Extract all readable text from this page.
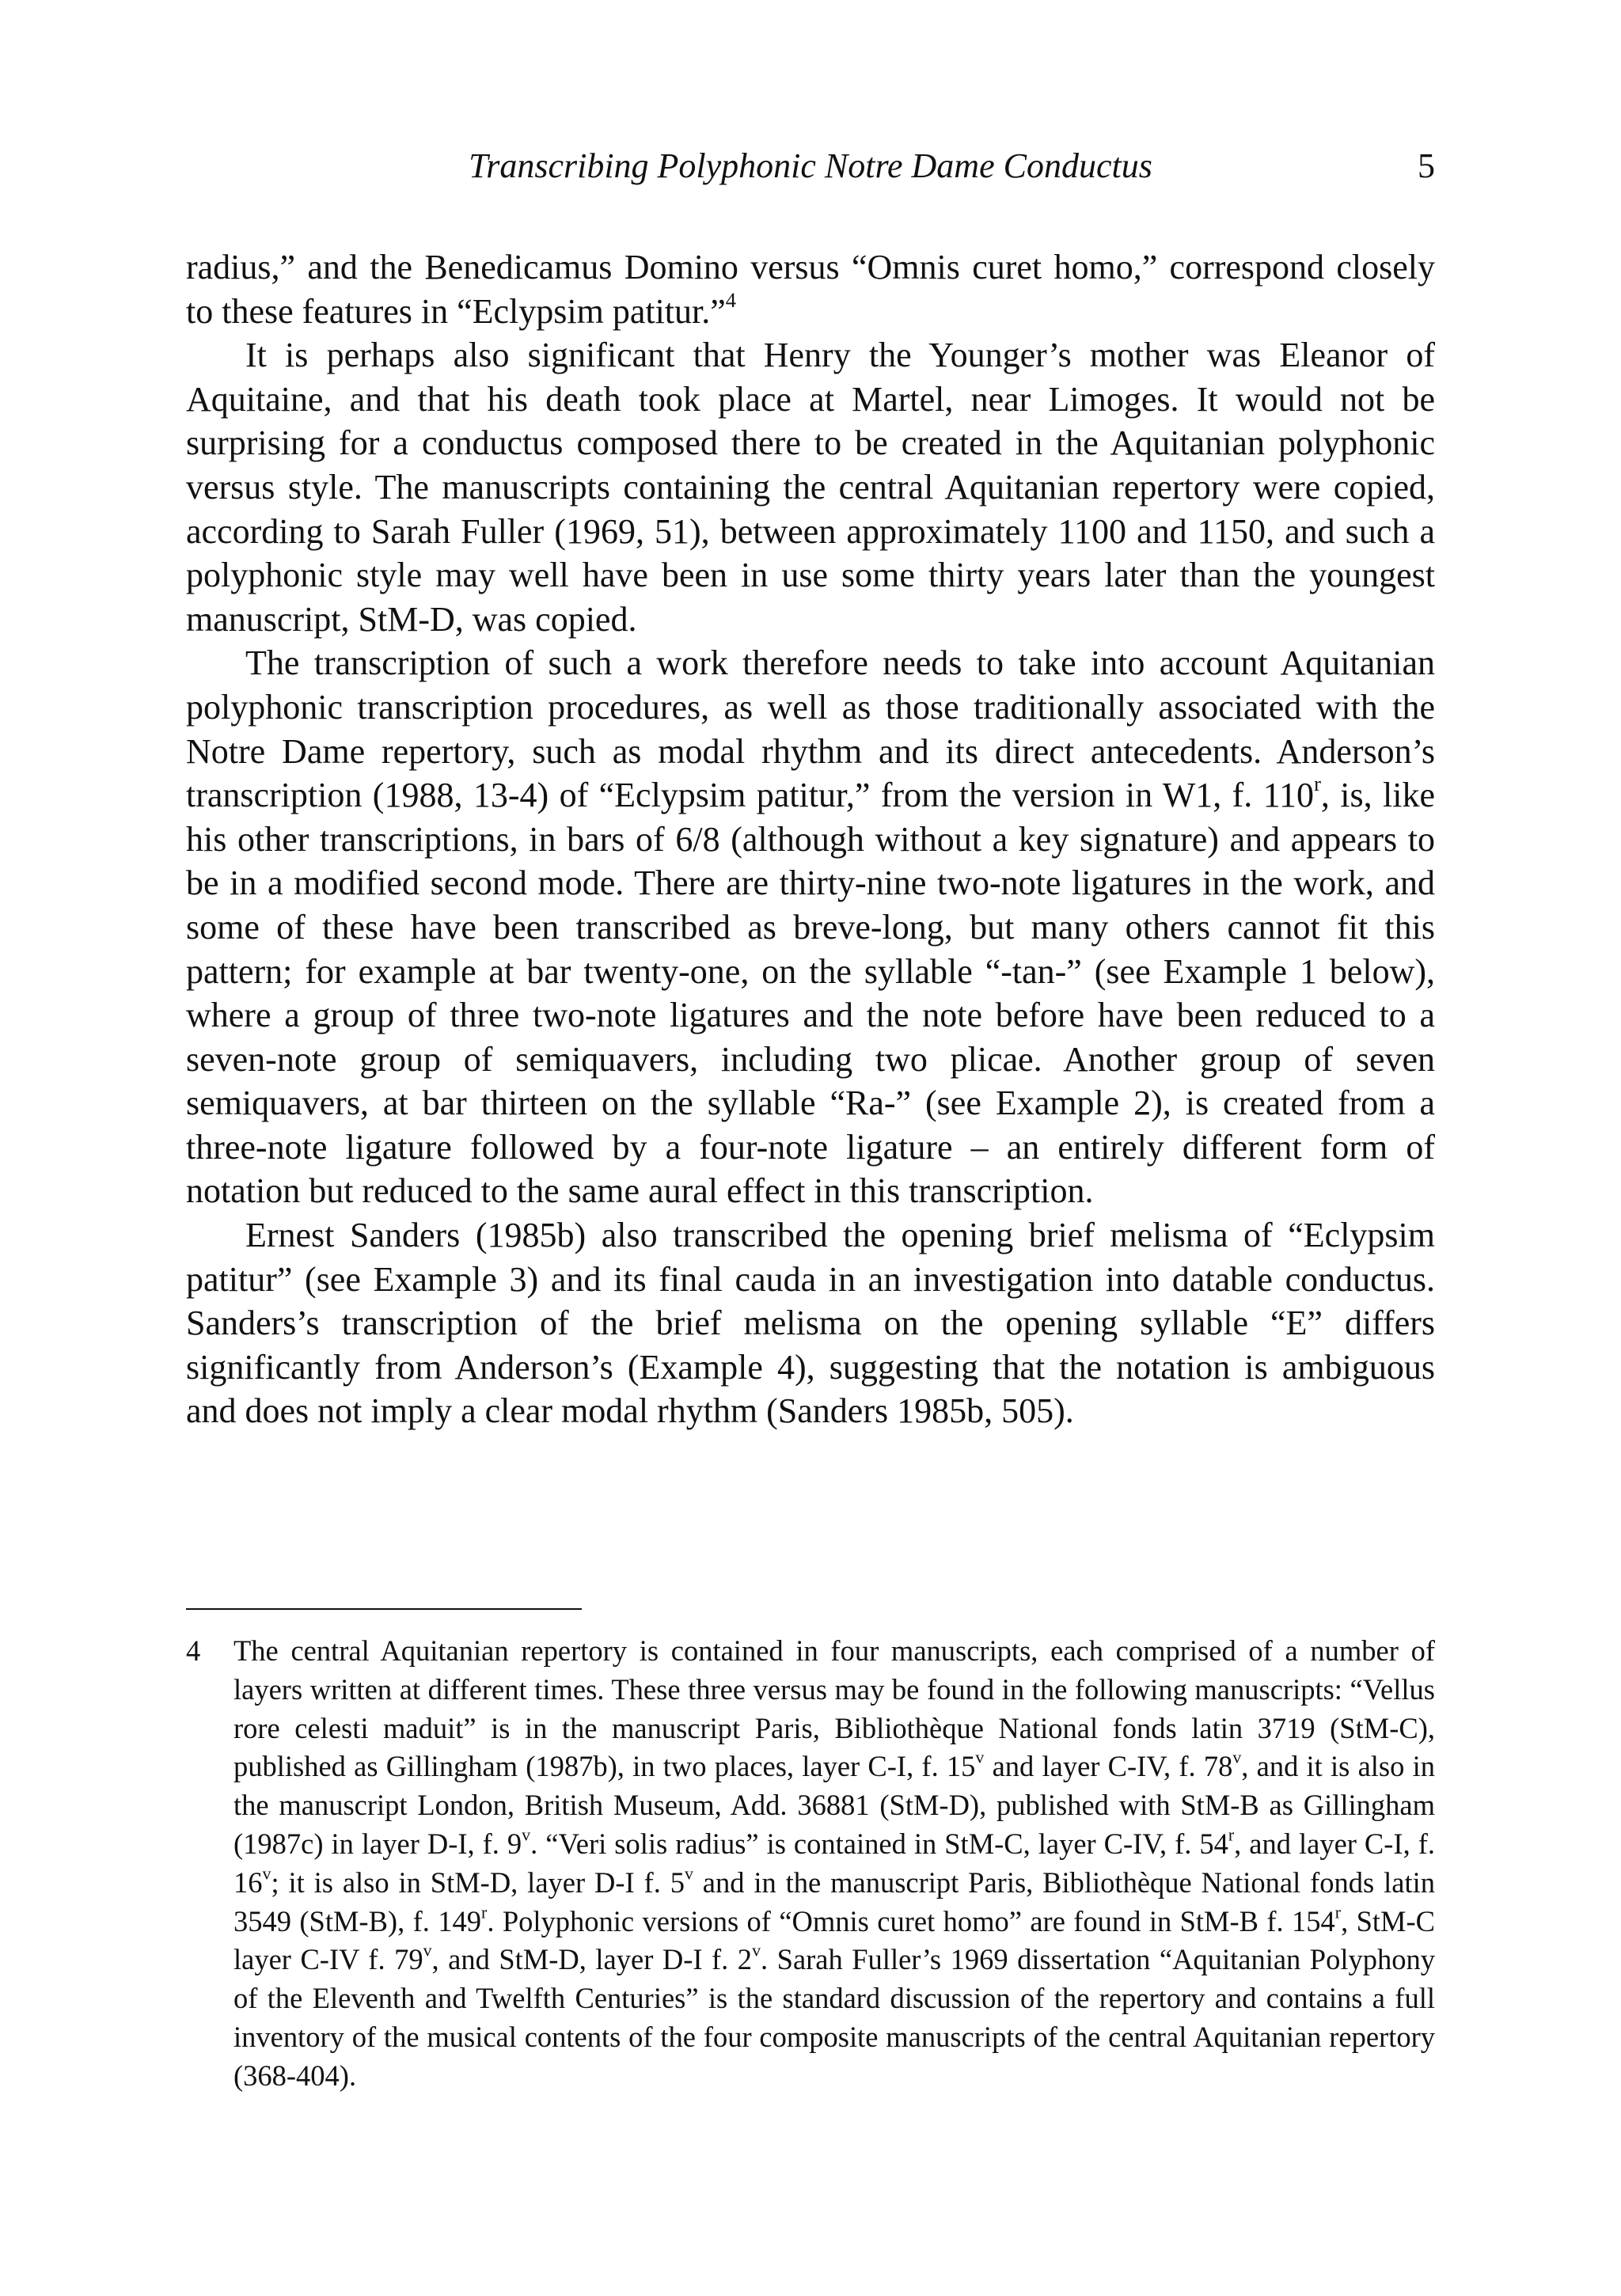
Transcribing Polyphonic Notre Dame Conductus	5

radius,” and the Benedicamus Domino versus “Omnis curet homo,” correspond closely to these features in “Eclypsim patitur.”$^4$

It is perhaps also significant that Henry the Younger’s mother was Eleanor of Aquitaine, and that his death took place at Martel, near Limoges. It would not be surprising for a conductus composed there to be created in the Aquitanian polyphonic versus style. The manuscripts containing the central Aquitanian repertory were copied, according to Sarah Fuller (1969, 51), between approximately 1100 and 1150, and such a polyphonic style may well have been in use some thirty years later than the youngest manuscript, StM-D, was copied.

The transcription of such a work therefore needs to take into account Aquitanian polyphonic transcription procedures, as well as those traditionally associated with the Notre Dame repertory, such as modal rhythm and its direct antecedents. Anderson’s transcription (1988, 13-4) of “Eclypsim patitur,” from the version in W1, f. 110$^r$, is, like his other transcriptions, in bars of 6/8 (although without a key signature) and appears to be in a modified second mode. There are thirty-nine two-note ligatures in the work, and some of these have been transcribed as breve-long, but many others cannot fit this pattern; for example at bar twenty-one, on the syllable “-tan-” (see Example 1 below), where a group of three two-note ligatures and the note before have been reduced to a seven-note group of semiquavers, including two plicae. Another group of seven semiquavers, at bar thirteen on the syllable “Ra-” (see Example 2), is created from a three-note ligature followed by a four-note ligature – an entirely different form of notation but reduced to the same aural effect in this transcription.

Ernest Sanders (1985b) also transcribed the opening brief melisma of “Eclypsim patitur” (see Example 3) and its final cauda in an investigation into datable conductus. Sanders’s transcription of the brief melisma on the opening syllable “E” differs significantly from Anderson’s (Example 4), suggesting that the notation is ambiguous and does not imply a clear modal rhythm (Sanders 1985b, 505).

4 The central Aquitanian repertory is contained in four manuscripts, each comprised of a number of layers written at different times. These three versus may be found in the following manuscripts: “Vellus rore celesti maduit” is in the manuscript Paris, Bibliothèque National fonds latin 3719 (StM-C), published as Gillingham (1987b), in two places, layer C-I, f. 15$^v$ and layer C-IV, f. 78$^v$, and it is also in the manuscript London, British Museum, Add. 36881 (StM-D), published with StM-B as Gillingham (1987c) in layer D-I, f. 9$^v$. “Veri solis radius” is contained in StM-C, layer C-IV, f. 54$^r$, and layer C-I, f. 16$^v$; it is also in StM-D, layer D-I f. 5$^v$ and in the manuscript Paris, Bibliothèque National fonds latin 3549 (StM-B), f. 149$^r$. Polyphonic versions of “Omnis curet homo” are found in StM-B f. 154$^r$, StM-C layer C-IV f. 79$^v$, and StM-D, layer D-I f. 2$^v$. Sarah Fuller’s 1969 dissertation “Aquitanian Polyphony of the Eleventh and Twelfth Centuries” is the standard discussion of the repertory and contains a full inventory of the musical contents of the four composite manuscripts of the central Aquitanian repertory (368-404).
